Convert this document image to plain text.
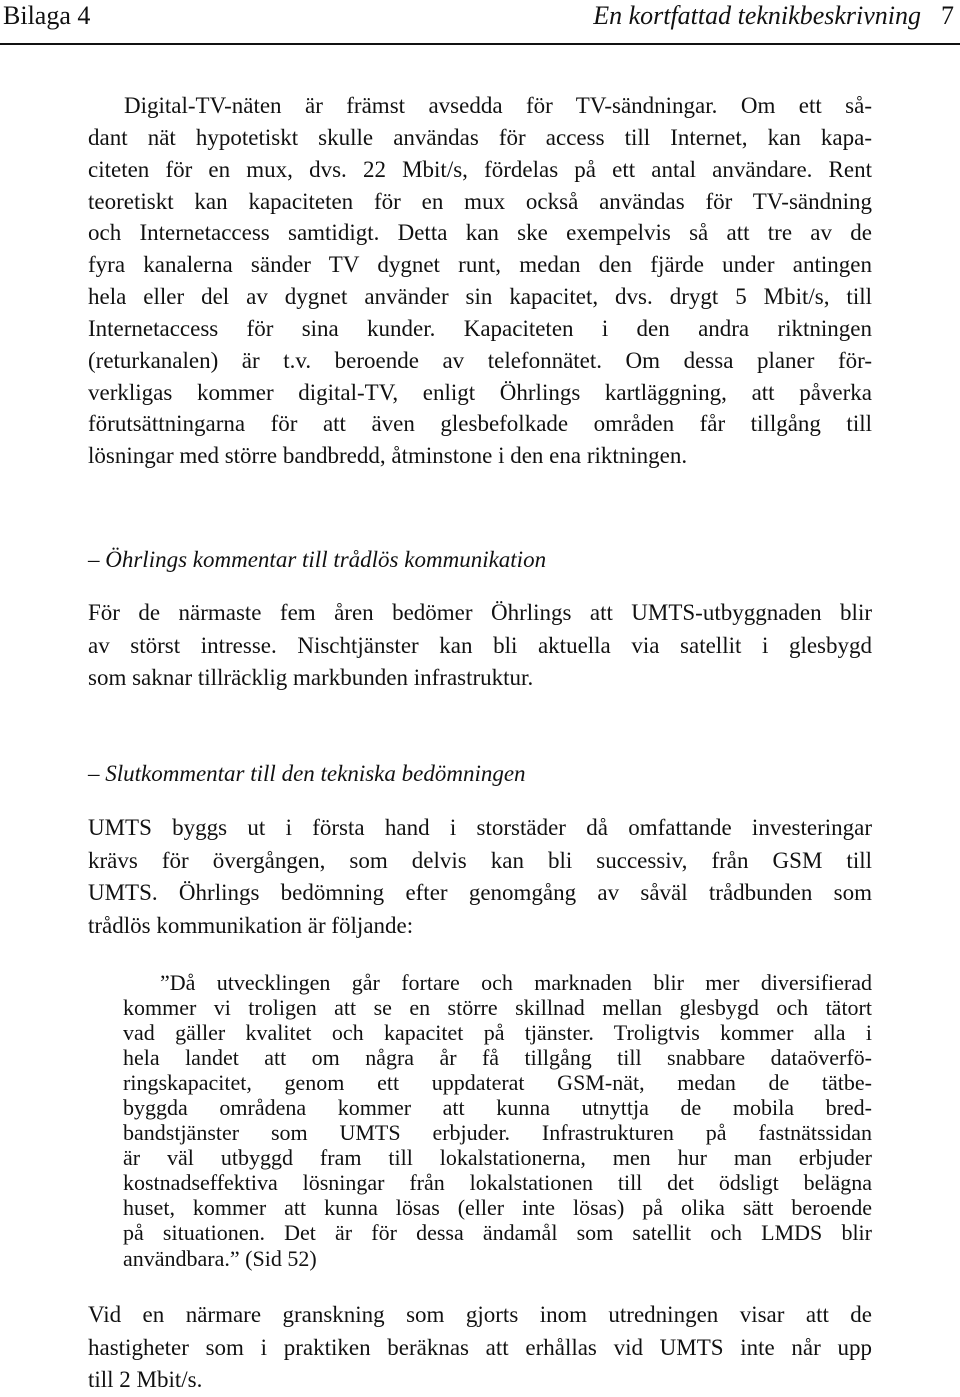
Bilaga 4	En kortfattad teknikbeskrivning 7
Digital-TV-näten är främst avsedda för TV-sändningar. Om ett så-
dant nät hypotetiskt skulle användas för access till Internet, kan kapa-
citeten för en mux, dvs. 22 Mbit/s, fördelas på ett antal användare. Rent
teoretiskt kan kapaciteten för en mux också användas för TV-sändning
och Internetaccess samtidigt. Detta kan ske exempelvis så att tre av de
fyra kanalerna sänder TV dygnet runt, medan den fjärde under antingen
hela eller del av dygnet använder sin kapacitet, dvs. drygt 5 Mbit/s, till
Internetaccess för sina kunder. Kapaciteten i den andra riktningen
(returkanalen) är t.v. beroende av telefonnätet. Om dessa planer för-
verkligas kommer digital-TV, enligt Öhrlings kartläggning, att påverka
förutsättningarna för att även glesbefolkade områden får tillgång till
lösningar med större bandbredd, åtminstone i den ena riktningen.
– Öhrlings kommentar till trådlös kommunikation
För de närmaste fem åren bedömer Öhrlings att UMTS-utbyggnaden blir
av störst intresse. Nischtjänster kan bli aktuella via satellit i glesbygd
som saknar tillräcklig markbunden infrastruktur.
– Slutkommentar till den tekniska bedömningen
UMTS byggs ut i första hand i storstäder då omfattande investeringar
krävs för övergången, som delvis kan bli successiv, från GSM till
UMTS. Öhrlings bedömning efter genomgång av såväl trådbunden som
trådlös kommunikation är följande:
”Då utvecklingen går fortare och marknaden blir mer diversifierad
kommer vi troligen att se en större skillnad mellan glesbygd och tätort
vad gäller kvalitet och kapacitet på tjänster. Troligtvis kommer alla i
hela landet att om några år få tillgång till snabbare dataöverfö-
ringskapacitet, genom ett uppdaterat GSM-nät, medan de tätbe-
byggda områdena kommer att kunna utnyttja de mobila bred-
bandstjänster som UMTS erbjuder. Infrastrukturen på fastnätssidan
är väl utbyggd fram till lokalstationerna, men hur man erbjuder
kostnadseffektiva lösningar från lokalstationen till det ödsligt belägna
huset, kommer att kunna lösas (eller inte lösas) på olika sätt beroende
på situationen. Det är för dessa ändamål som satellit och LMDS blir
användbara.” (Sid 52)
Vid en närmare granskning som gjorts inom utredningen visar att de
hastigheter som i praktiken beräknas att erhållas vid UMTS inte når upp
till 2 Mbit/s.
